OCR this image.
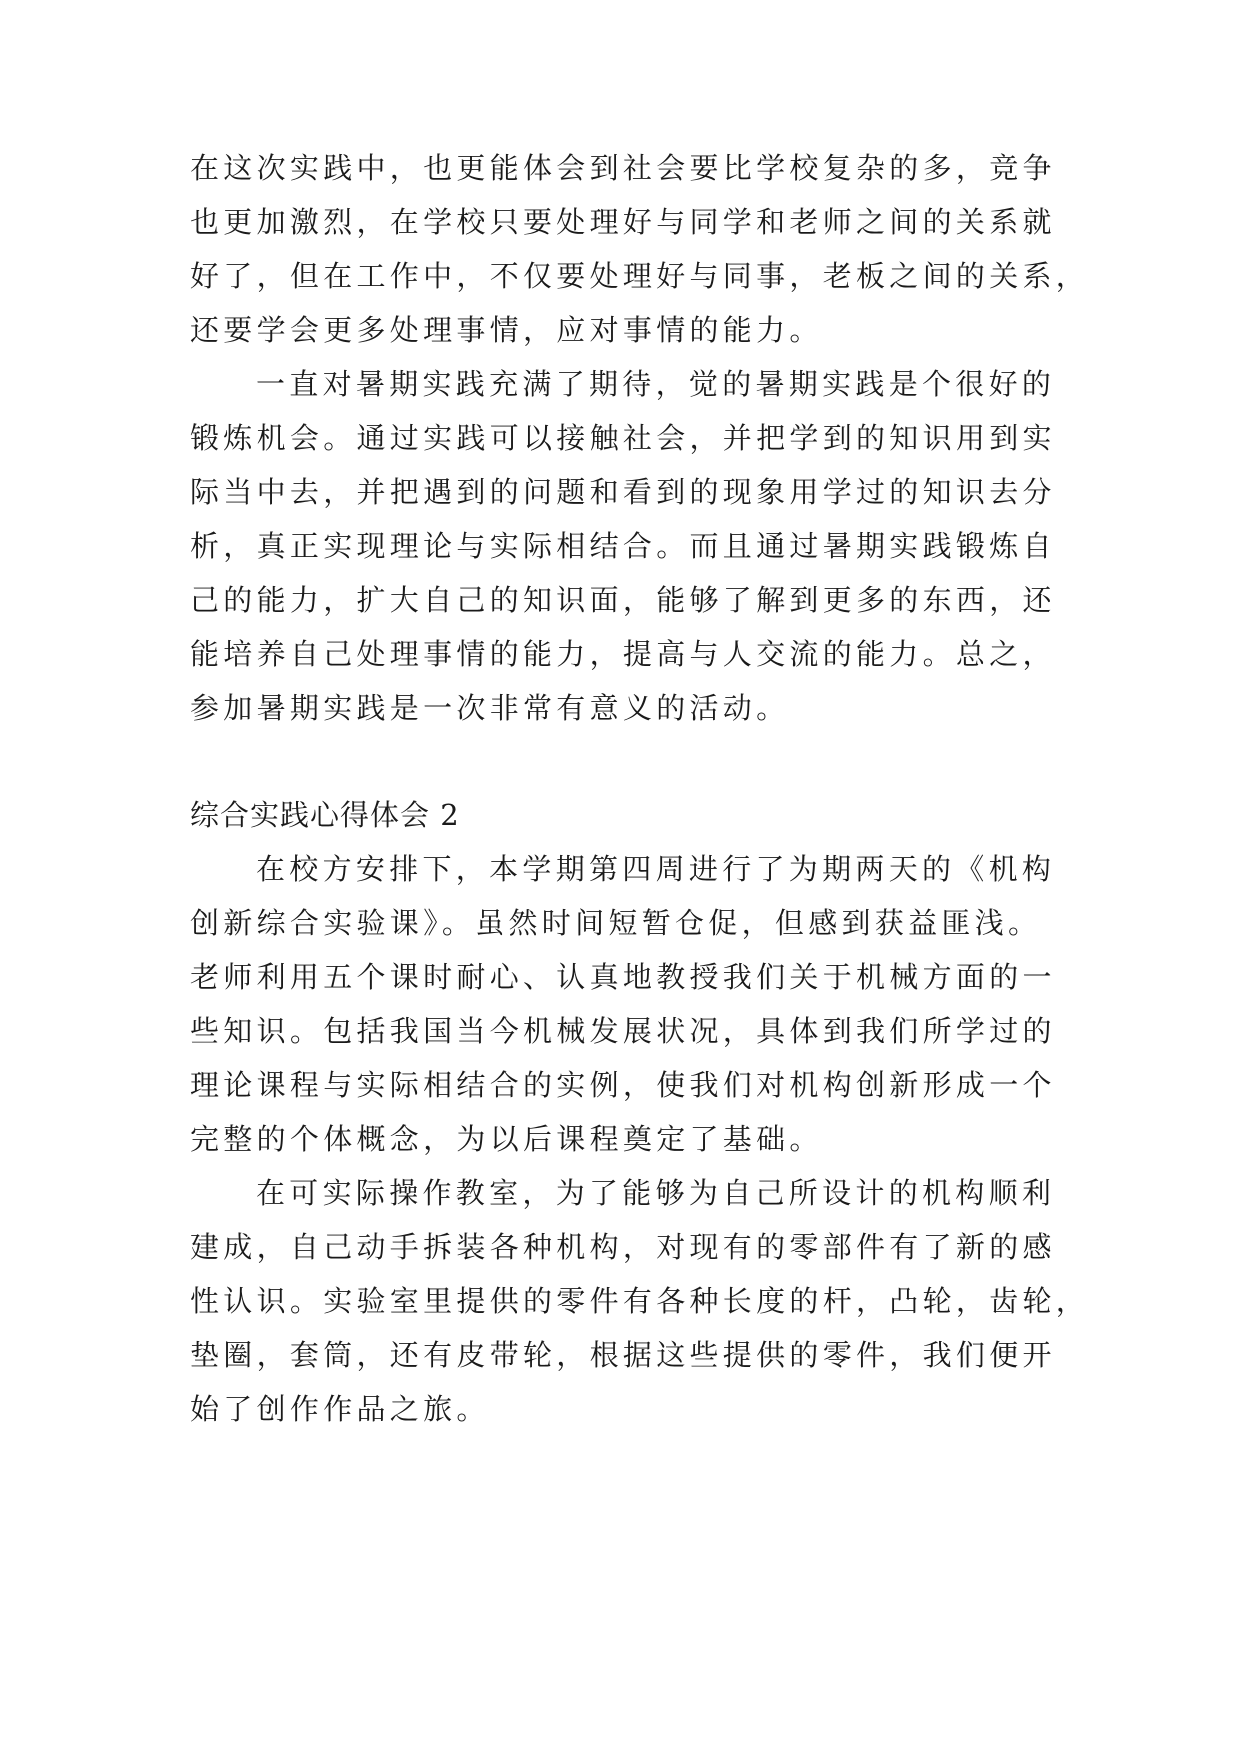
在这次实践中，也更能体会到社会要比学校复杂的多，竞争
也更加激烈，在学校只要处理好与同学和老师之间的关系就
好了，但在工作中，不仅要处理好与同事，老板之间的关系，
还要学会更多处理事情，应对事情的能力。
一直对暑期实践充满了期待，觉的暑期实践是个很好的
锻炼机会。通过实践可以接触社会，并把学到的知识用到实
际当中去，并把遇到的问题和看到的现象用学过的知识去分
析，真正实现理论与实际相结合。而且通过暑期实践锻炼自
己的能力，扩大自己的知识面，能够了解到更多的东西，还
能培养自己处理事情的能力，提高与人交流的能力。总之，
参加暑期实践是一次非常有意义的活动。
综合实践心得体会 2
在校方安排下，本学期第四周进行了为期两天的《机构
创新综合实验课》。虽然时间短暂仓促，但感到获益匪浅。
老师利用五个课时耐心、认真地教授我们关于机械方面的一
些知识。包括我国当今机械发展状况，具体到我们所学过的
理论课程与实际相结合的实例，使我们对机构创新形成一个
完整的个体概念，为以后课程奠定了基础。
在可实际操作教室，为了能够为自己所设计的机构顺利
建成，自己动手拆装各种机构，对现有的零部件有了新的感
性认识。实验室里提供的零件有各种长度的杆，凸轮，齿轮，
垫圈，套筒，还有皮带轮，根据这些提供的零件，我们便开
始了创作作品之旅。
